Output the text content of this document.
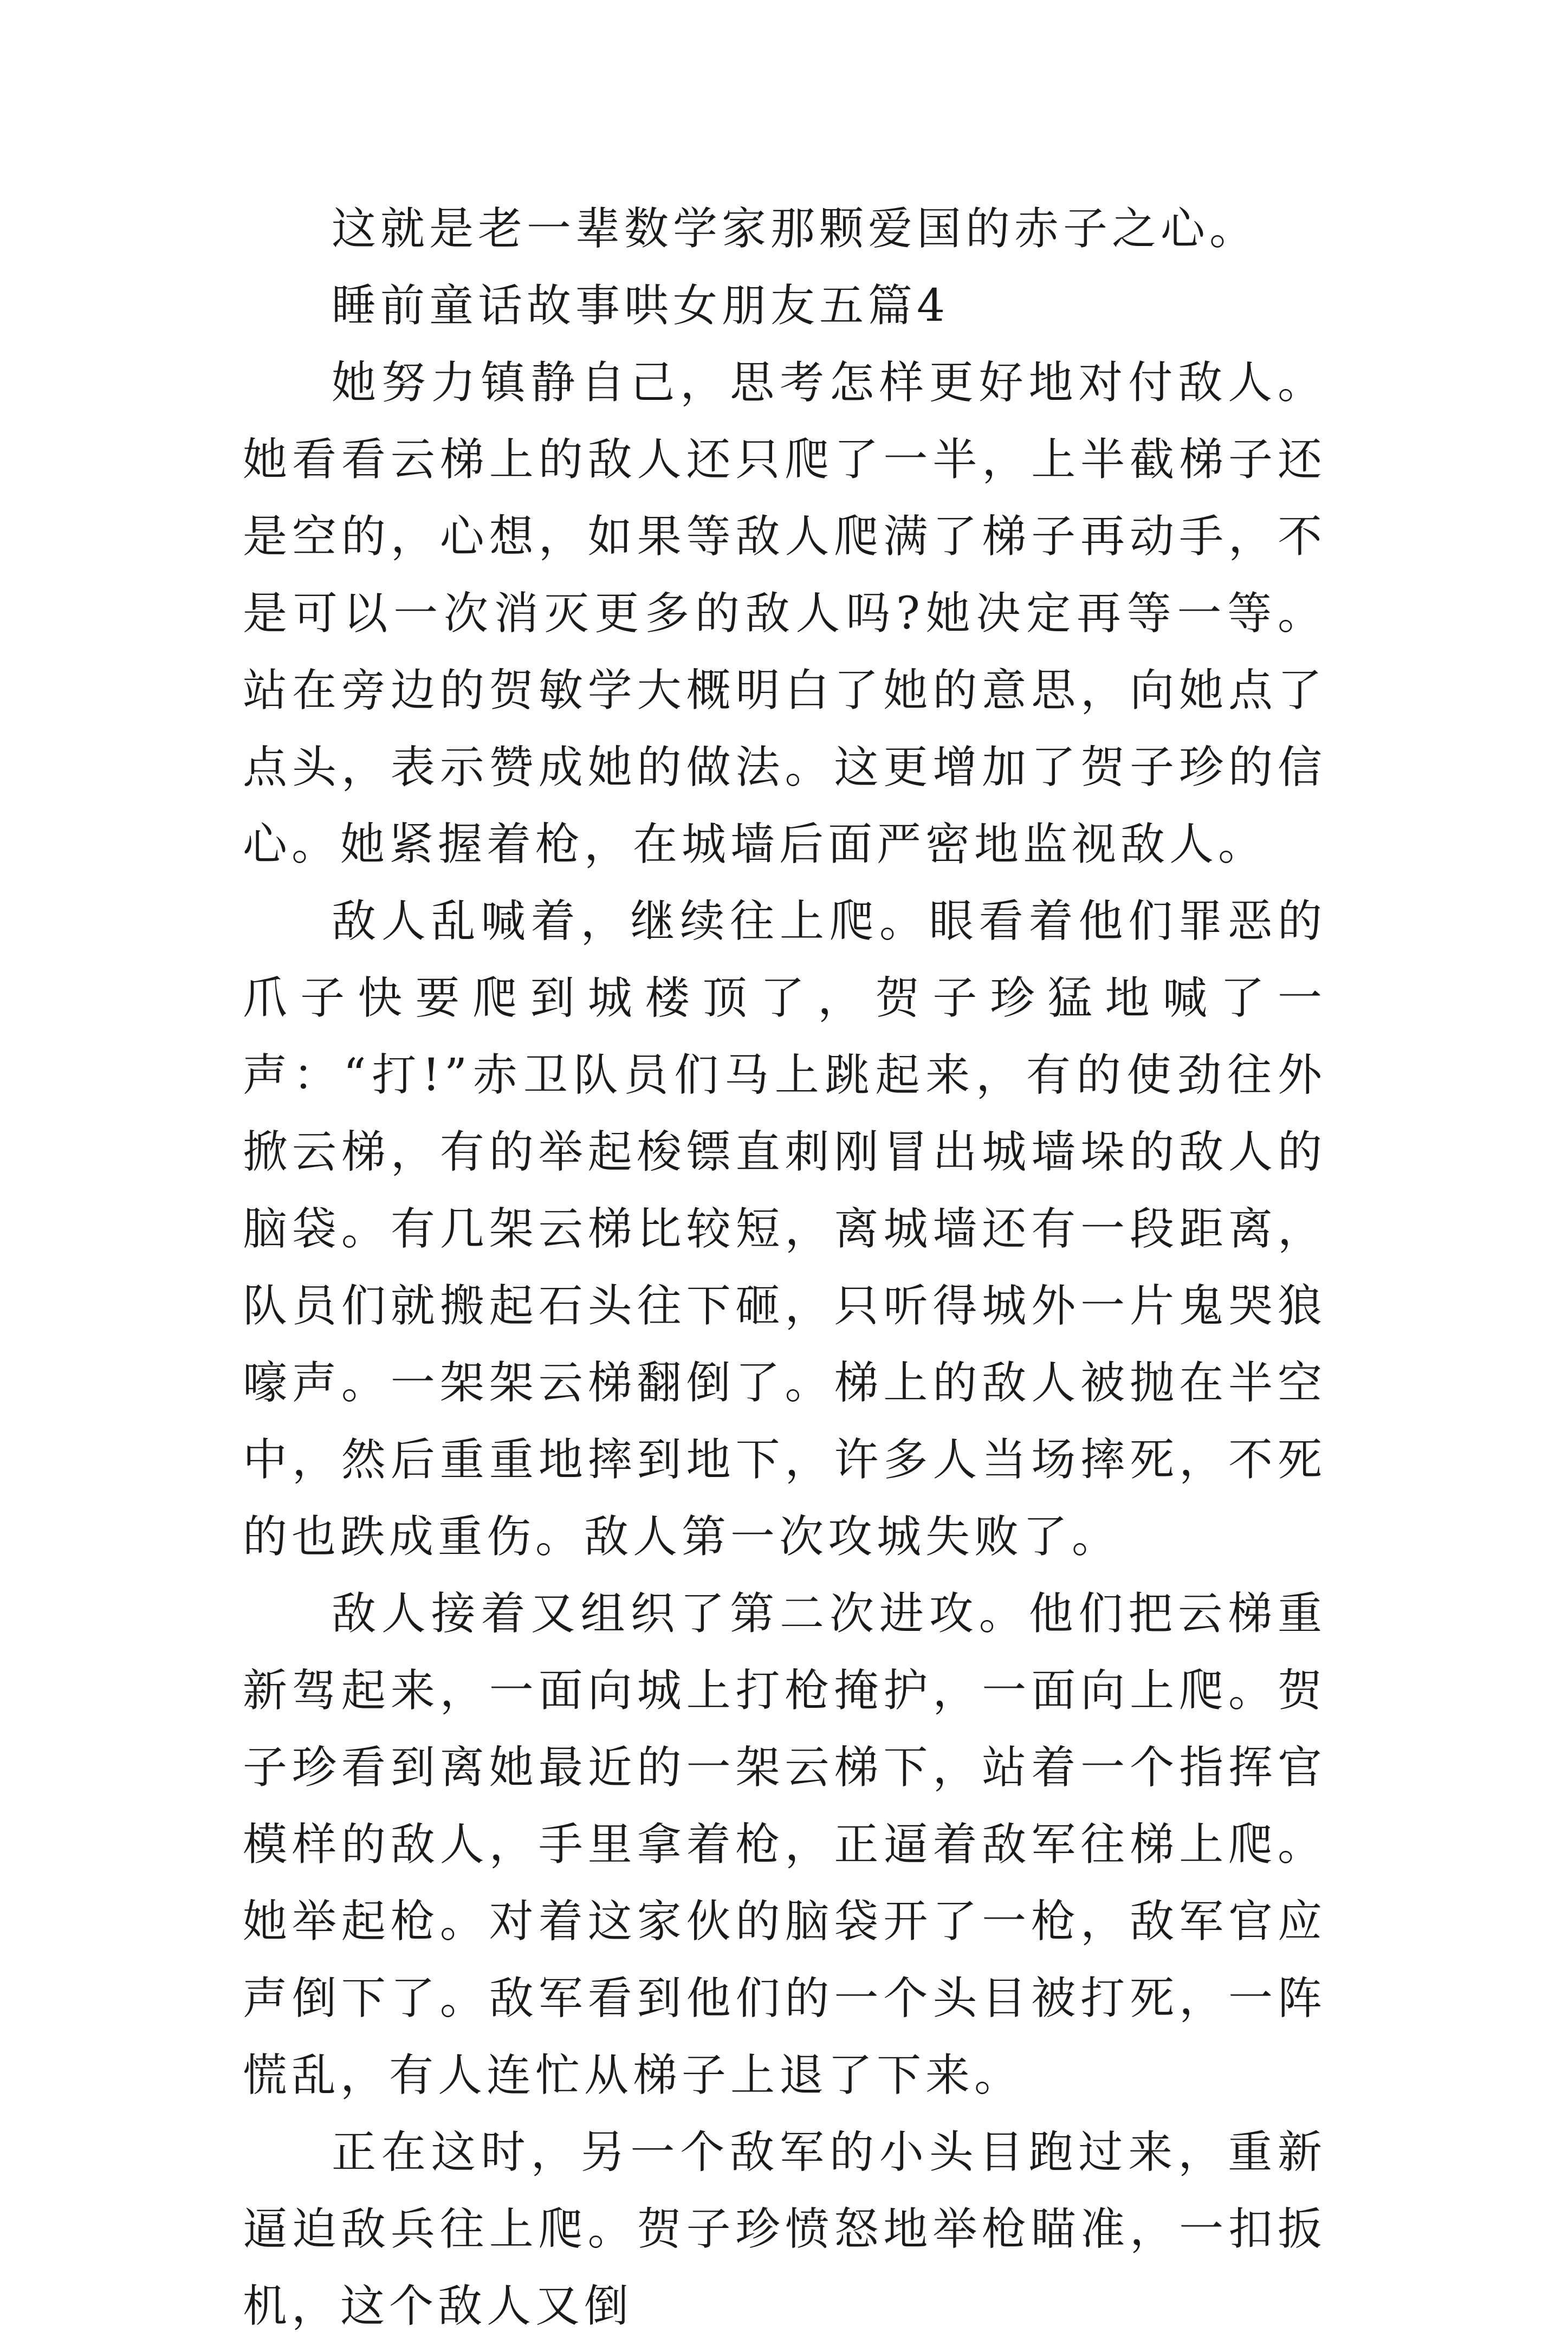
这就是老一辈数学家那颗爱国的赤子之心。

睡前童话故事哄女朋友五篇4

她努力镇静自己，思考怎样更好地对付敌人。她看看云梯上的敌人还只爬了一半，上半截梯子还是空的，心想，如果等敌人爬满了梯子再动手，不是可以一次消灭更多的敌人吗?她决定再等一等。站在旁边的贺敏学大概明白了她的意思，向她点了点头，表示赞成她的做法。这更增加了贺子珍的信心。她紧握着枪，在城墙后面严密地监视敌人。

敌人乱喊着，继续往上爬。眼看着他们罪恶的爪子快要爬到城楼顶了，贺子珍猛地喊了一声：“打!”赤卫队员们马上跳起来，有的使劲往外掀云梯，有的举起梭镖直刺刚冒出城墙垛的敌人的脑袋。有几架云梯比较短，离城墙还有一段距离，队员们就搬起石头往下砸，只听得城外一片鬼哭狼嚎声。一架架云梯翻倒了。梯上的敌人被抛在半空中，然后重重地摔到地下，许多人当场摔死，不死的也跌成重伤。敌人第一次攻城失败了。

敌人接着又组织了第二次进攻。他们把云梯重新驾起来，一面向城上打枪掩护，一面向上爬。贺子珍看到离她最近的一架云梯下，站着一个指挥官模样的敌人，手里拿着枪，正逼着敌军往梯上爬。她举起枪。对着这家伙的脑袋开了一枪，敌军官应声倒下了。敌军看到他们的一个头目被打死，一阵慌乱，有人连忙从梯子上退了下来。

正在这时，另一个敌军的小头目跑过来，重新逼迫敌兵往上爬。贺子珍愤怒地举枪瞄准，一扣扳机，这个敌人又倒
